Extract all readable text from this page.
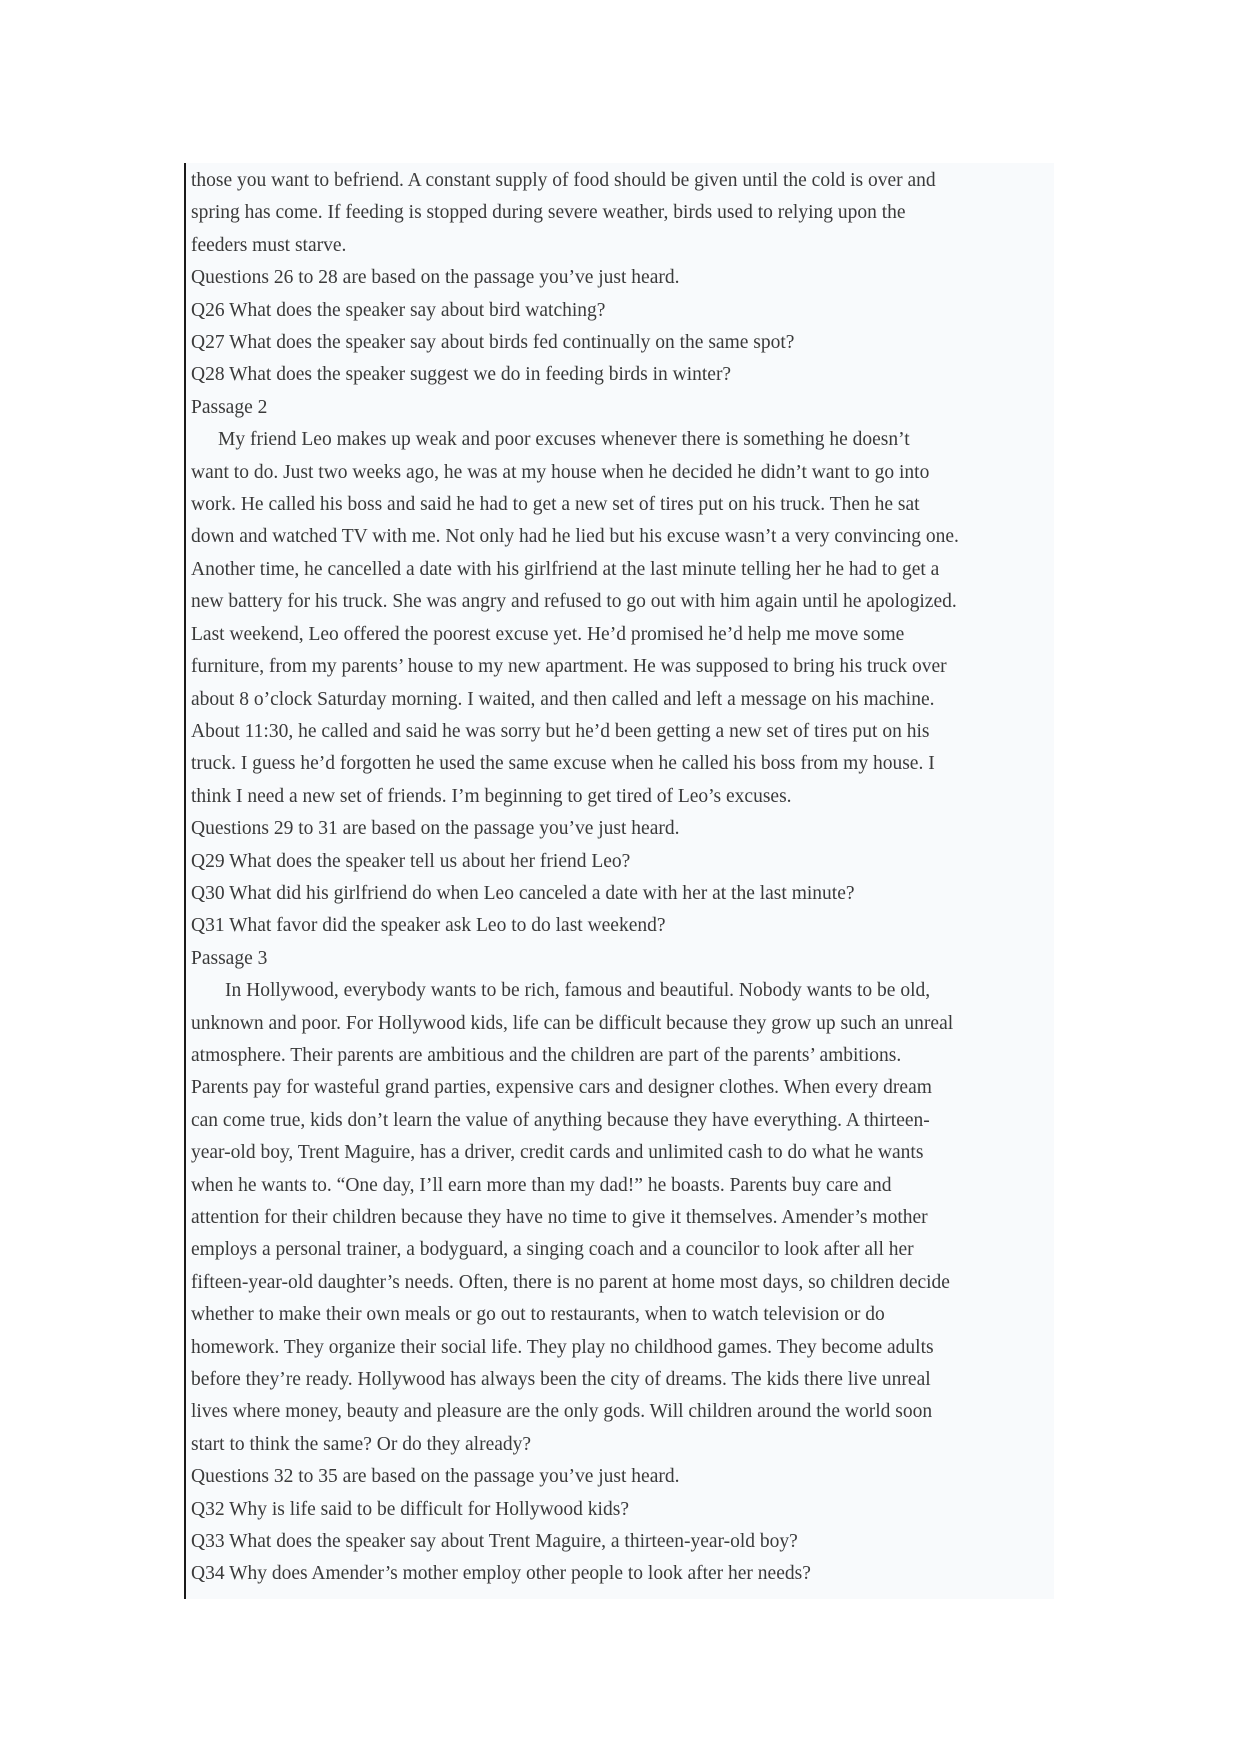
those you want to befriend. A constant supply of food should be given until the cold is over and
spring has come. If feeding is stopped during severe weather, birds used to relying upon the
feeders must starve.
Questions 26 to 28 are based on the passage you’ve just heard.
Q26 What does the speaker say about bird watching?
Q27 What does the speaker say about birds fed continually on the same spot?
Q28 What does the speaker suggest we do in feeding birds in winter?
Passage 2
My friend Leo makes up weak and poor excuses whenever there is something he doesn’t
want to do. Just two weeks ago, he was at my house when he decided he didn’t want to go into
work. He called his boss and said he had to get a new set of tires put on his truck. Then he sat
down and watched TV with me. Not only had he lied but his excuse wasn’t a very convincing one.
Another time, he cancelled a date with his girlfriend at the last minute telling her he had to get a
new battery for his truck. She was angry and refused to go out with him again until he apologized.
Last weekend, Leo offered the poorest excuse yet. He’d promised he’d help me move some
furniture, from my parents’ house to my new apartment. He was supposed to bring his truck over
about 8 o’clock Saturday morning. I waited, and then called and left a message on his machine.
About 11:30, he called and said he was sorry but he’d been getting a new set of tires put on his
truck. I guess he’d forgotten he used the same excuse when he called his boss from my house. I
think I need a new set of friends. I’m beginning to get tired of Leo’s excuses.
Questions 29 to 31 are based on the passage you’ve just heard.
Q29 What does the speaker tell us about her friend Leo?
Q30 What did his girlfriend do when Leo canceled a date with her at the last minute?
Q31 What favor did the speaker ask Leo to do last weekend?
Passage 3
In Hollywood, everybody wants to be rich, famous and beautiful. Nobody wants to be old,
unknown and poor. For Hollywood kids, life can be difficult because they grow up such an unreal
atmosphere. Their parents are ambitious and the children are part of the parents’ ambitions.
Parents pay for wasteful grand parties, expensive cars and designer clothes. When every dream
can come true, kids don’t learn the value of anything because they have everything. A thirteen-
year-old boy, Trent Maguire, has a driver, credit cards and unlimited cash to do what he wants
when he wants to. “One day, I’ll earn more than my dad!” he boasts. Parents buy care and
attention for their children because they have no time to give it themselves. Amender’s mother
employs a personal trainer, a bodyguard, a singing coach and a councilor to look after all her
fifteen-year-old daughter’s needs. Often, there is no parent at home most days, so children decide
whether to make their own meals or go out to restaurants, when to watch television or do
homework. They organize their social life. They play no childhood games. They become adults
before they’re ready. Hollywood has always been the city of dreams. The kids there live unreal
lives where money, beauty and pleasure are the only gods. Will children around the world soon
start to think the same? Or do they already?
Questions 32 to 35 are based on the passage you’ve just heard.
Q32 Why is life said to be difficult for Hollywood kids?
Q33 What does the speaker say about Trent Maguire, a thirteen-year-old boy?
Q34 Why does Amender’s mother employ other people to look after her needs?
